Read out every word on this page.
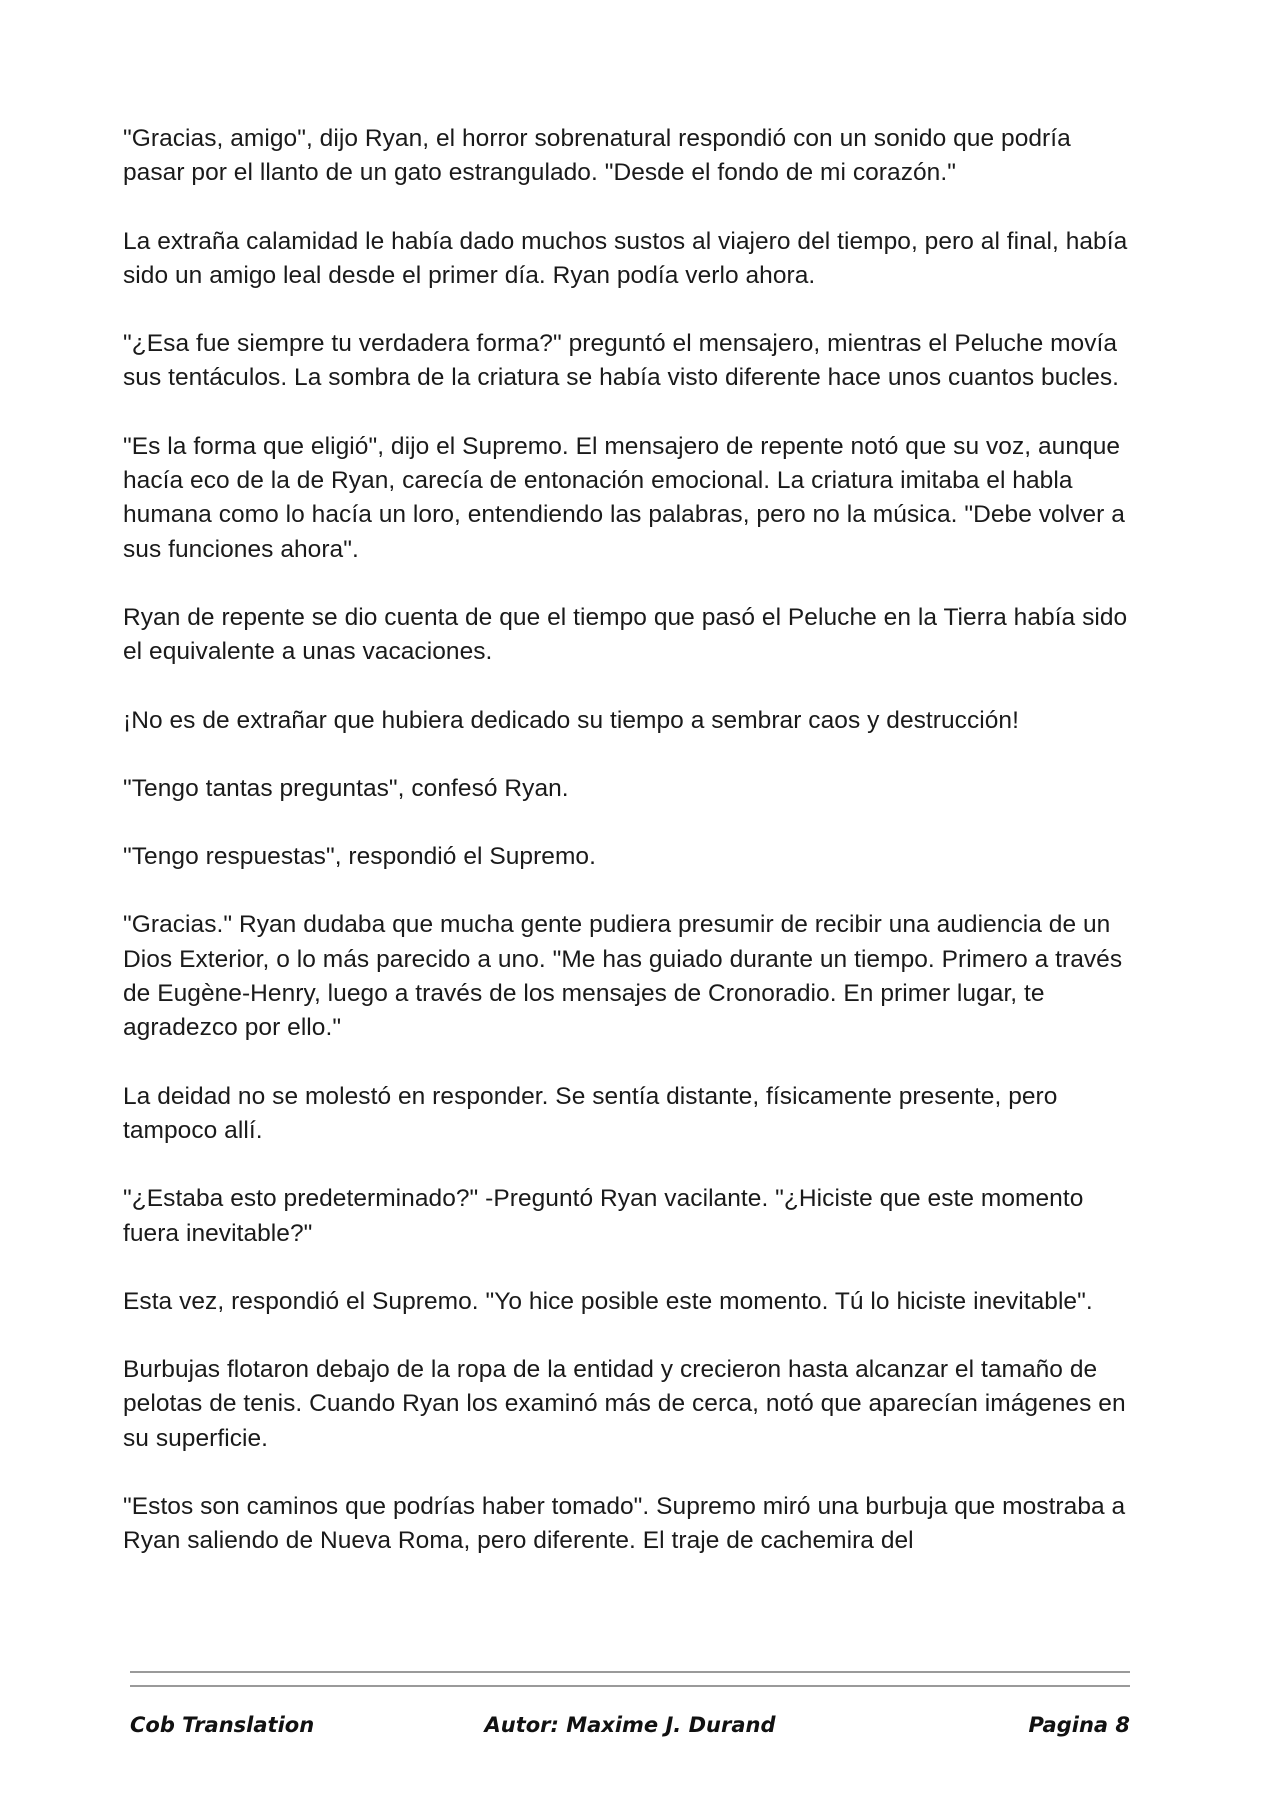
"Gracias, amigo", dijo Ryan, el horror sobrenatural respondió con un sonido que podría pasar por el llanto de un gato estrangulado. "Desde el fondo de mi corazón."

La extraña calamidad le había dado muchos sustos al viajero del tiempo, pero al final, había sido un amigo leal desde el primer día. Ryan podía verlo ahora.

"¿Esa fue siempre tu verdadera forma?" preguntó el mensajero, mientras el Peluche movía sus tentáculos. La sombra de la criatura se había visto diferente hace unos cuantos bucles.

"Es la forma que eligió", dijo el Supremo. El mensajero de repente notó que su voz, aunque hacía eco de la de Ryan, carecía de entonación emocional. La criatura imitaba el habla humana como lo hacía un loro, entendiendo las palabras, pero no la música. "Debe volver a sus funciones ahora".

Ryan de repente se dio cuenta de que el tiempo que pasó el Peluche en la Tierra había sido el equivalente a unas vacaciones.

¡No es de extrañar que hubiera dedicado su tiempo a sembrar caos y destrucción!

"Tengo tantas preguntas", confesó Ryan.

"Tengo respuestas", respondió el Supremo.

"Gracias." Ryan dudaba que mucha gente pudiera presumir de recibir una audiencia de un Dios Exterior, o lo más parecido a uno. "Me has guiado durante un tiempo. Primero a través de Eugène-Henry, luego a través de los mensajes de Cronoradio. En primer lugar, te agradezco por ello."

La deidad no se molestó en responder. Se sentía distante, físicamente presente, pero tampoco allí.

"¿Estaba esto predeterminado?" -Preguntó Ryan vacilante. "¿Hiciste que este momento fuera inevitable?"

Esta vez, respondió el Supremo. "Yo hice posible este momento. Tú lo hiciste inevitable".

Burbujas flotaron debajo de la ropa de la entidad y crecieron hasta alcanzar el tamaño de pelotas de tenis. Cuando Ryan los examinó más de cerca, notó que aparecían imágenes en su superficie.

"Estos son caminos que podrías haber tomado". Supremo miró una burbuja que mostraba a Ryan saliendo de Nueva Roma, pero diferente. El traje de cachemira del

Cob Translation	Autor: Maxime J. Durand	Pagina 8
